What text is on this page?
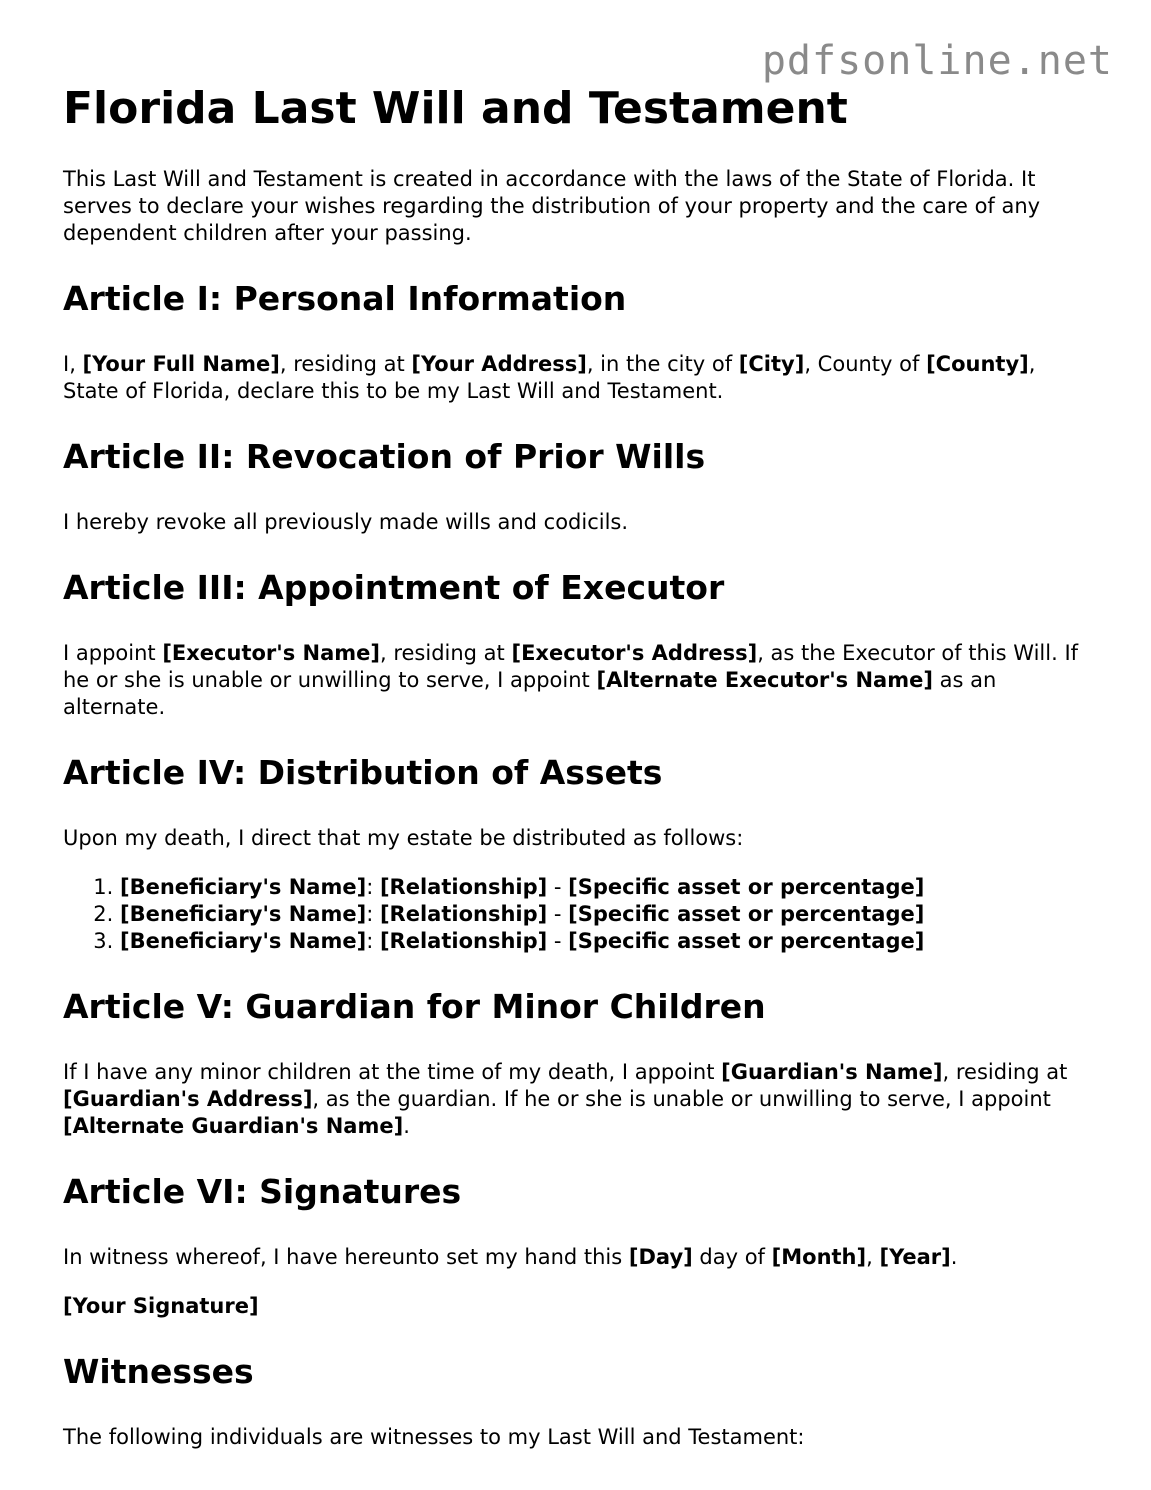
pdfsonline.net
Florida Last Will and Testament

This Last Will and Testament is created in accordance with the laws of the State of Florida. It serves to declare your wishes regarding the distribution of your property and the care of any dependent children after your passing.

Article I: Personal Information

I, [Your Full Name], residing at [Your Address], in the city of [City], County of [County], State of Florida, declare this to be my Last Will and Testament.

Article II: Revocation of Prior Wills

I hereby revoke all previously made wills and codicils.

Article III: Appointment of Executor

I appoint [Executor's Name], residing at [Executor's Address], as the Executor of this Will. If he or she is unable or unwilling to serve, I appoint [Alternate Executor's Name] as an alternate.

Article IV: Distribution of Assets

Upon my death, I direct that my estate be distributed as follows:

1. [Beneficiary's Name]: [Relationship] - [Specific asset or percentage]
2. [Beneficiary's Name]: [Relationship] - [Specific asset or percentage]
3. [Beneficiary's Name]: [Relationship] - [Specific asset or percentage]
Article V: Guardian for Minor Children

If I have any minor children at the time of my death, I appoint [Guardian's Name], residing at [Guardian's Address], as the guardian. If he or she is unable or unwilling to serve, I appoint [Alternate Guardian's Name].

Article VI: Signatures

In witness whereof, I have hereunto set my hand this [Day] day of [Month], [Year].

[Your Signature]

Witnesses

The following individuals are witnesses to my Last Will and Testament:
